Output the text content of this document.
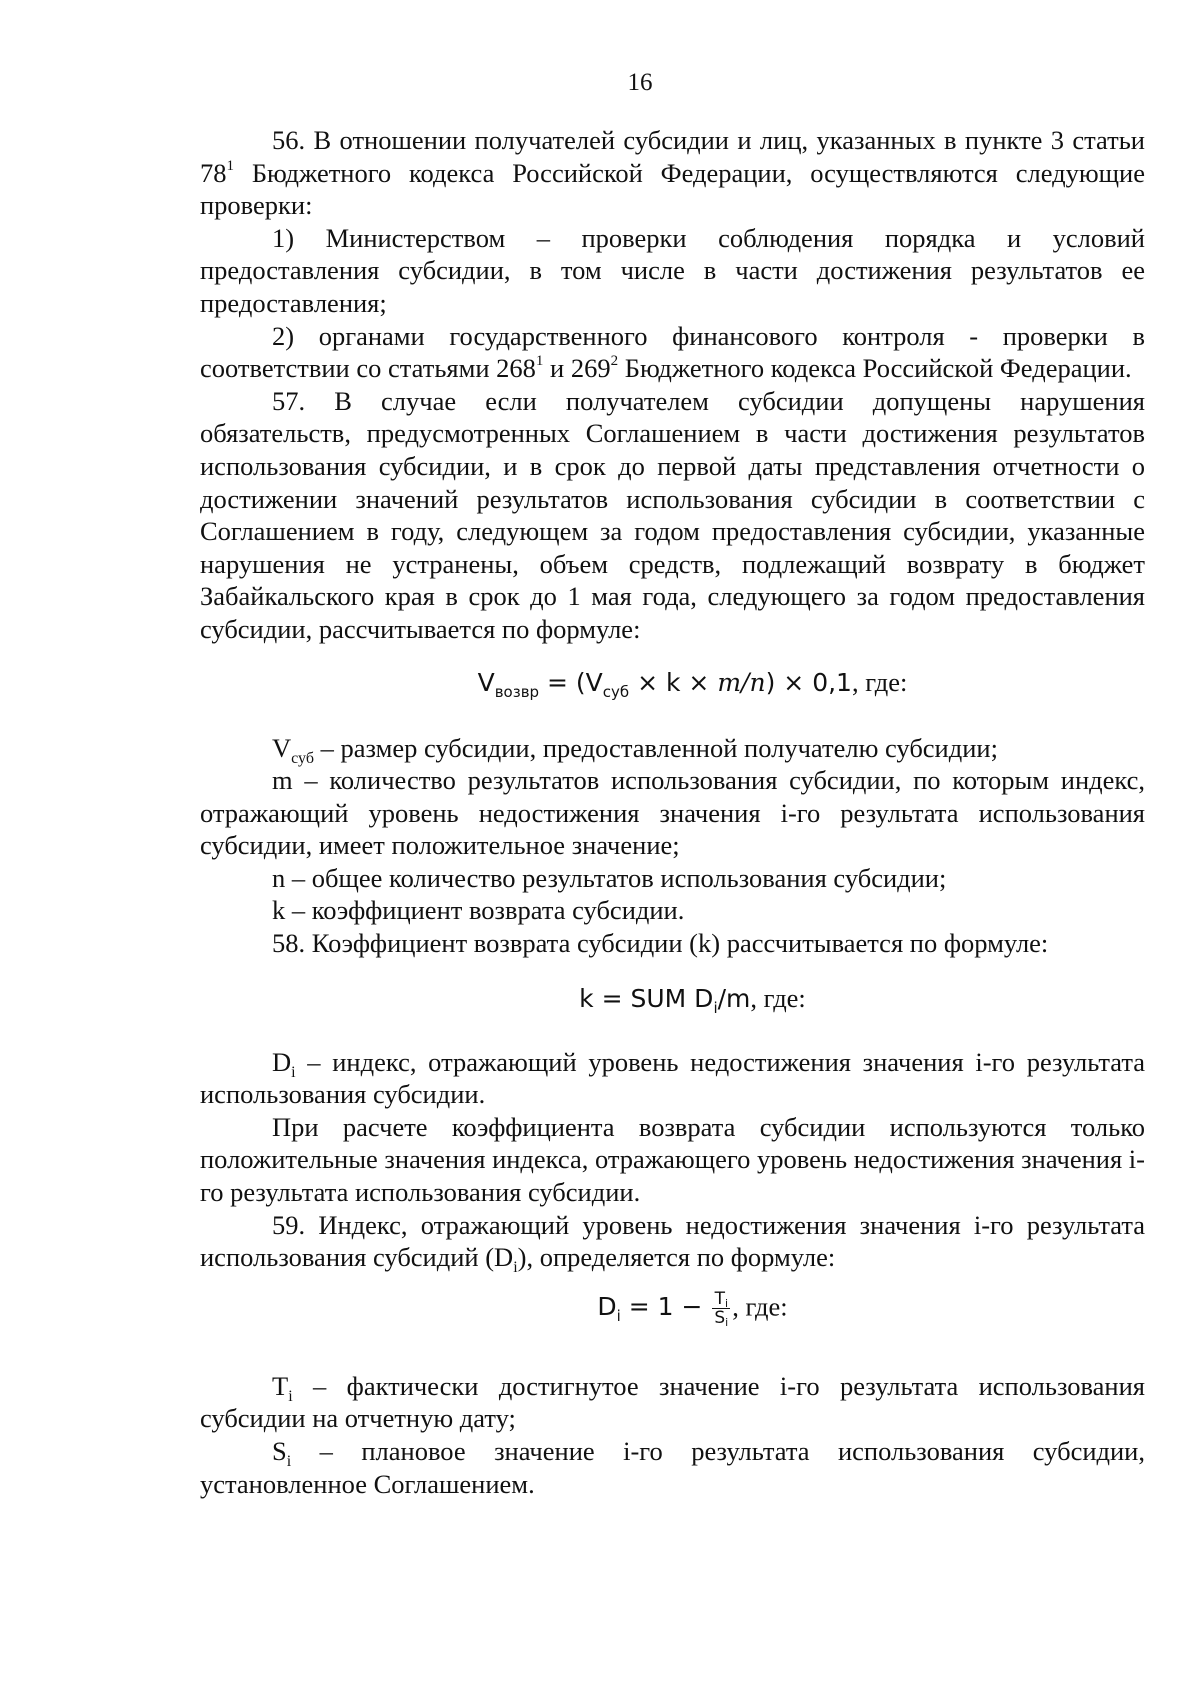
16

56. В отношении получателей субсидии и лиц, указанных в пункте 3 статьи $78^1$ Бюджетного кодекса Российской Федерации, осуществляются следующие проверки:

1) Министерством – проверки соблюдения порядка и условий предоставления субсидии, в том числе в части достижения результатов ее предоставления;

2) органами государственного финансового контроля - проверки в соответствии со статьями $268^1$ и $269^2$ Бюджетного кодекса Российской Федерации.

57. В случае если получателем субсидии допущены нарушения обязательств, предусмотренных Соглашением в части достижения результатов использования субсидии, и в срок до первой даты представления отчетности о достижении значений результатов использования субсидии в соответствии с Соглашением в году, следующем за годом предоставления субсидии, указанные нарушения не устранены, объем средств, подлежащий возврату в бюджет Забайкальского края в срок до 1 мая года, следующего за годом предоставления субсидии, рассчитывается по формуле:

$V_{возвр} = (V_{суб} \times k \times m/n) \times 0,1$, где:

$V_{суб}$ – размер субсидии, предоставленной получателю субсидии;

m – количество результатов использования субсидии, по которым индекс, отражающий уровень недостижения значения i-го результата использования субсидии, имеет положительное значение;

n – общее количество результатов использования субсидии;

k – коэффициент возврата субсидии.

58. Коэффициент возврата субсидии (k) рассчитывается по формуле:

k = SUM $D_i/m$, где:

$D_i$ – индекс, отражающий уровень недостижения значения i-го результата использования субсидии.

При расчете коэффициента возврата субсидии используются только положительные значения индекса, отражающего уровень недостижения значения i-го результата использования субсидии.

59. Индекс, отражающий уровень недостижения значения i-го результата использования субсидий $(D_i)$, определяется по формуле:

$D_i = 1 - \frac{T_i}{S_i}$ , где:

$T_i$ – фактически достигнутое значение i-го результата использования субсидии на отчетную дату;

$S_i$ – плановое значение i-го результата использования субсидии, установленное Соглашением.
